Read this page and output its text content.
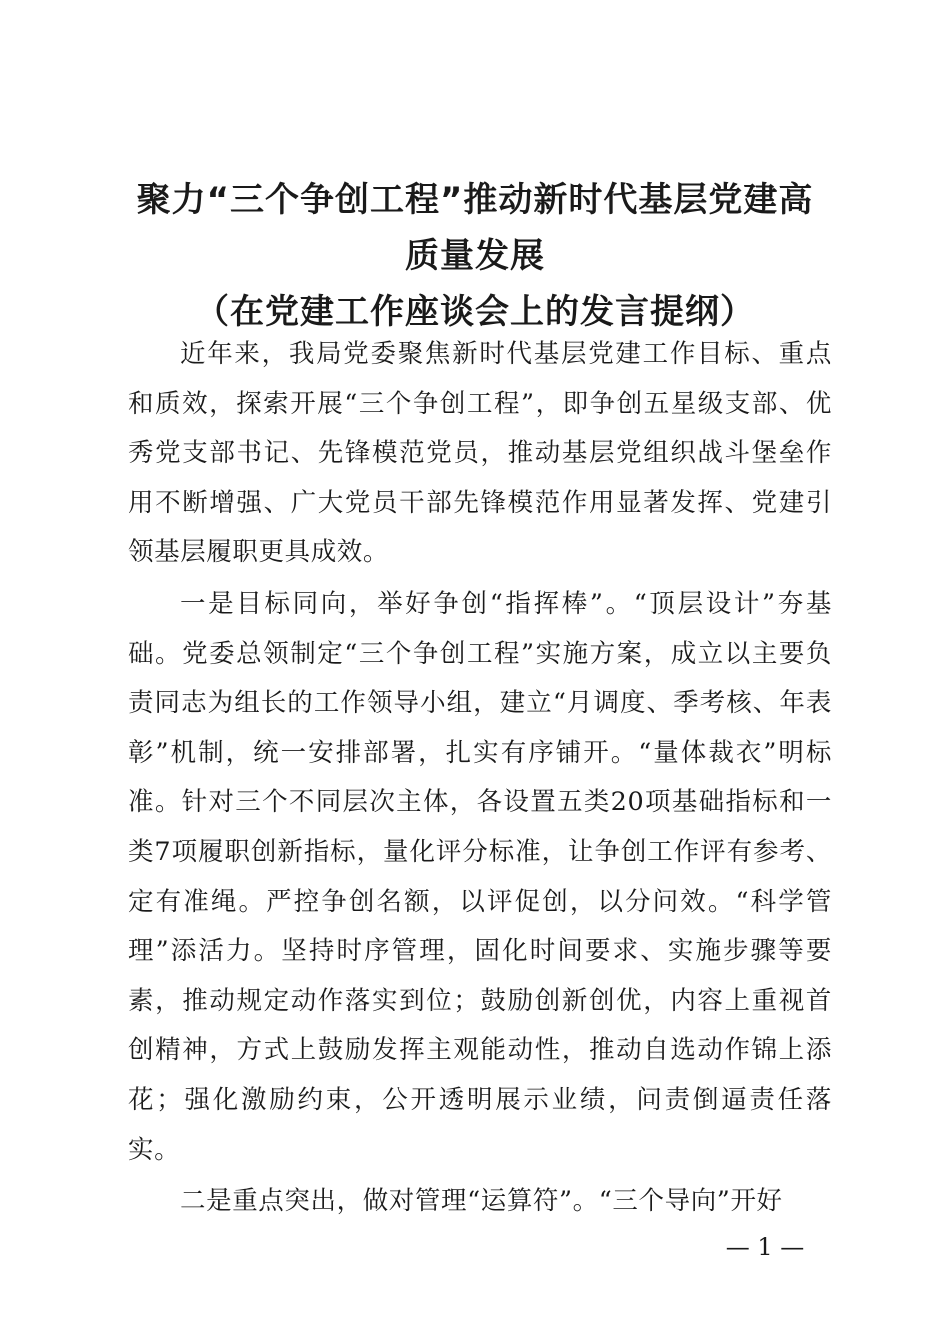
聚力“三个争创工程”推动新时代基层党建高
质量发展
（在党建工作座谈会上的发言提纲）

近年来，我局党委聚焦新时代基层党建工作目标、重点和质效，探索开展“三个争创工程”，即争创五星级支部、优秀党支部书记、先锋模范党员，推动基层党组织战斗堡垒作用不断增强、广大党员干部先锋模范作用显著发挥、党建引领基层履职更具成效。

一是目标同向，举好争创“指挥棒”。“顶层设计”夯基础。党委总领制定“三个争创工程”实施方案，成立以主要负责同志为组长的工作领导小组，建立“月调度、季考核、年表彰”机制，统一安排部署，扎实有序铺开。“量体裁衣”明标准。针对三个不同层次主体，各设置五类20项基础指标和一类7项履职创新指标，量化评分标准，让争创工作评有参考、定有准绳。严控争创名额，以评促创，以分问效。“科学管理”添活力。坚持时序管理，固化时间要求、实施步骤等要素，推动规定动作落实到位；鼓励创新创优，内容上重视首创精神，方式上鼓励发挥主观能动性，推动自选动作锦上添花；强化激励约束，公开透明展示业绩，问责倒逼责任落实。

二是重点突出，做对管理“运算符”。“三个导向”开好

— 1 —
